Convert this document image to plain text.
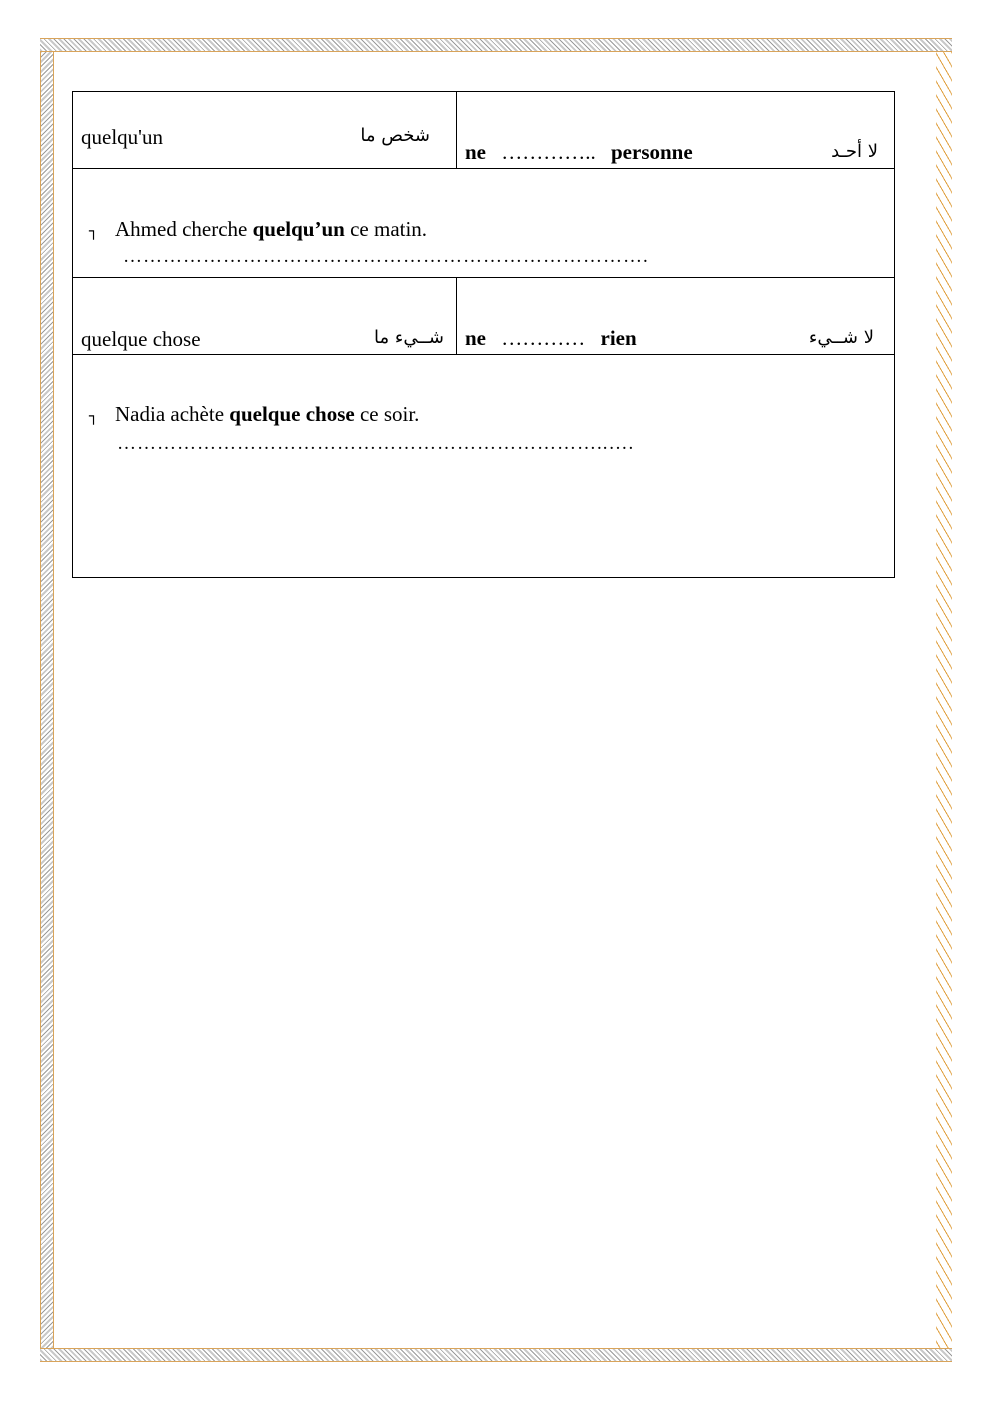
quelqu'un شخص ما	ne ………….. personne لا أحـد

┐ Ahmed cherche quelqu’un ce matin.
…………………………………………………………………….	

quelque chose شــيء ما	ne ………… rien لا شــيء

┐ Nadia achète quelque chose ce soir.
………………………………………………………………..….	
